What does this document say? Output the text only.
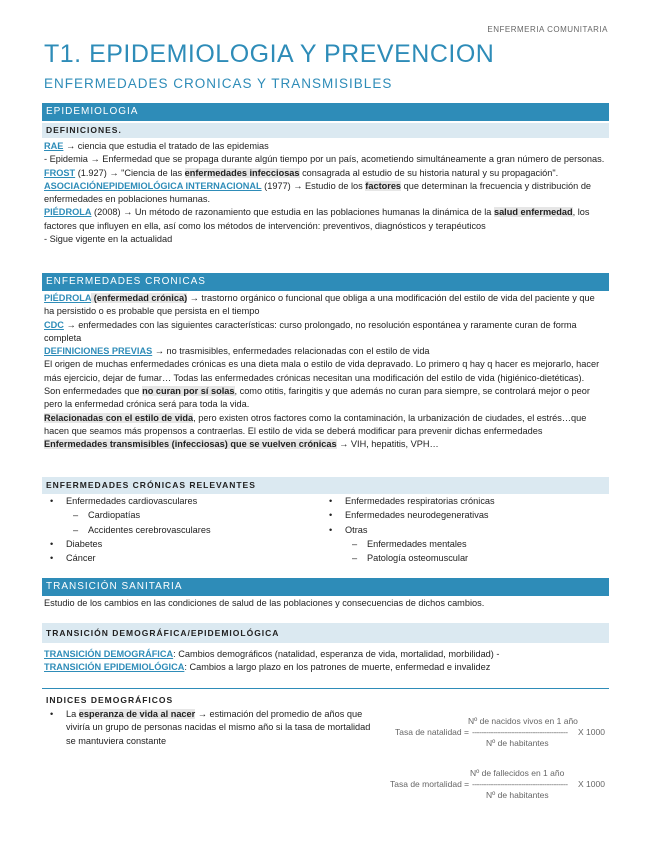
ENFERMERIA COMUNITARIA
T1. EPIDEMIOLOGIA Y PREVENCION
ENFERMEDADES CRONICAS Y TRANSMISIBLES
EPIDEMIOLOGIA
DEFINICIONES.
RAE → ciencia que estudia el tratado de las epidemias
- Epidemia → Enfermedad que se propaga durante algún tiempo por un país, acometiendo simultáneamente a gran número de personas.
FROST (1.927) → "Ciencia de las enfermedades infecciosas consagrada al estudio de su historia natural y su propagación".
ASOCIACIÓNEPIDEMIOLÓGICA INTERNACIONAL (1977) → Estudio de los factores que determinan la frecuencia y distribución de enfermedades en poblaciones humanas.
PIÉDROLA (2008) → Un método de razonamiento que estudia en las poblaciones humanas la dinámica de la salud enfermedad, los factores que influyen en ella, así como los métodos de intervención: preventivos, diagnósticos y terapéuticos
- Sigue vigente en la actualidad
ENFERMEDADES CRONICAS
PIÉDROLA (enfermedad crónica) → trastorno orgánico o funcional que obliga a una modificación del estilo de vida del paciente y que ha persistido o es probable que persista en el tiempo
CDC → enfermedades con las siguientes características: curso prolongado, no resolución espontánea y raramente curan de forma completa
DEFINICIONES PREVIAS → no trasmisibles, enfermedades relacionadas con el estilo de vida
El origen de muchas enfermedades crónicas es una dieta mala o estilo de vida depravado. Lo primero q hay q hacer es mejorarlo, hacer más ejercicio, dejar de fumar… Todas las enfermedades crónicas necesitan una modificación del estilo de vida (higiénico-dietéticas).
Son enfermedades que no curan por sí solas, como otitis, faringitis y que además no curan para siempre, se controlará mejor o peor pero la enfermedad crónica será para toda la vida.
Relacionadas con el estilo de vida, pero existen otros factores como la contaminación, la urbanización de ciudades, el estrés…que hacen que seamos más propensos a contraerlas. El estilo de vida se deberá modificar para prevenir dichas enfermedades
Enfermedades transmisibles (infecciosas) que se vuelven crónicas → VIH, hepatitis, VPH…
ENFERMEDADES CRÓNICAS RELEVANTES
• Enfermedades cardiovasculares
– Cardiopatías
– Accidentes cerebrovasculares
• Diabetes
• Cáncer
• Enfermedades respiratorias crónicas
• Enfermedades neurodegenerativas
• Otras
– Enfermedades mentales
– Patología osteomuscular
TRANSICIÓN SANITARIA
Estudio de los cambios en las condiciones de salud de las poblaciones y consecuencias de dichos cambios.
TRANSICIÓN DEMOGRÁFICA/EPIDEMIOLÓGICA
TRANSICIÓN DEMOGRÁFICA: Cambios demográficos (natalidad, esperanza de vida, mortalidad, morbilidad) -
TRANSICIÓN EPIDEMIOLÓGICA: Cambios a largo plazo en los patrones de muerte, enfermedad e invalidez
INDICES DEMOGRÁFICOS
• La esperanza de vida al nacer → estimación del promedio de años que viviría un grupo de personas nacidas el mismo año si la tasa de mortalidad se mantuviera constante
Nº de nacidos vivos en 1 año
Tasa de natalidad = ----------------------------------------- X 1000
Nº de habitantes
Nº de fallecidos en 1 año
Tasa de mortalidad = ----------------------------------------- X 1000
Nº de habitantes
